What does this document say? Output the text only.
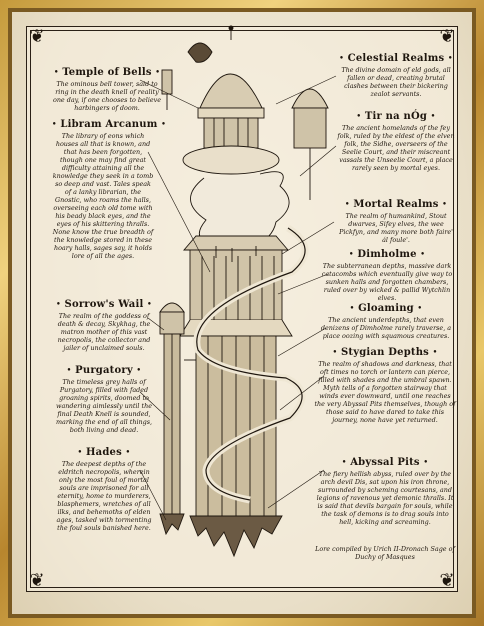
❦	❦
❦	❦
• Temple of Bells •

The ominous bell tower, said to ring in the death knell of reality one day, if one chooses to believe harbingers of doom.

• Libram Arcanum •

The library of eons which houses all that is known, and that has been forgotten, though one may find great difficulty attaining all the knowledge they seek in a tomb so deep and vast. Tales speak of a lanky librarian, the Gnostic, who roams the halls, overseeing each old tome with his beady black eyes, and the eyes of his skittering thralls. None know the true breadth of the knowledge stored in these hoary halls, sages say, it holds lore of all the ages.

• Sorrow's Wail •

The realm of the goddess of death & decay, Skykhag, the matron mother of this vast necropolis, the collector and jailer of unclaimed souls.

• Purgatory •

The timeless grey halls of Purgatory, filled with faded groaning spirits, doomed to wandering aimlessly until the final Death Knell is sounded, marking the end of all things, both living and dead.

• Hades •

The deepest depths of the eldritch necropolis, wherein only the most foul of mortal souls are imprisoned for all eternity, home to murderers, blasphemers, wretches of all ilks, and behemoths of elden ages, tasked with tormenting the foul souls banished here.

• Celestial Realms •

The divine domain of eld gods, all fallen or dead, creating brutal clashes between their bickering zealot servants.

• Tir na nÓg •

The ancient homelands of the fey folk, ruled by the eldest of the elven folk, the Sidhe, overseers of the Seelie Court, and their miscreant vassals the Unseelie Court, a place rarely seen by mortal eyes.

• Mortal Realms •

The realm of humankind, Stout dwarves, Sifey elves, the wee Pickfyn, and many more both faire' ál foule'.

• Dimholme •

The subterranean depths, massive dark catacombs which eventually give way to sunken halls and forgotten chambers, ruled over by wicked & pallid Wytchlin elves.

• Gloaming •

The ancient underdepths, that even denizens of Dimholme rarely traverse, a place oozing with squamous creatures.

• Stygian Depths •

The realm of shadows and darkness, that oft times no torch or lantern can pierce, filled with shades and the umbral spawn. Myth tells of a forgotten stairway that winds ever downward, until one reaches the very Abyssal Pits themselves, though of those said to have dared to take this journey, none have yet returned.

• Abyssal Pits •

The fiery hellish abyss, ruled over by the arch devil Dis, sat upon his iron throne, surrounded by scheming courtesans, and legions of ravenous yet demonic thralls. It is said that devils bargain for souls, while the task of demons is to drag souls into hell, kicking and screaming.

Lore compiled by Urich II-Dronach Sage of Duchy of Masques
